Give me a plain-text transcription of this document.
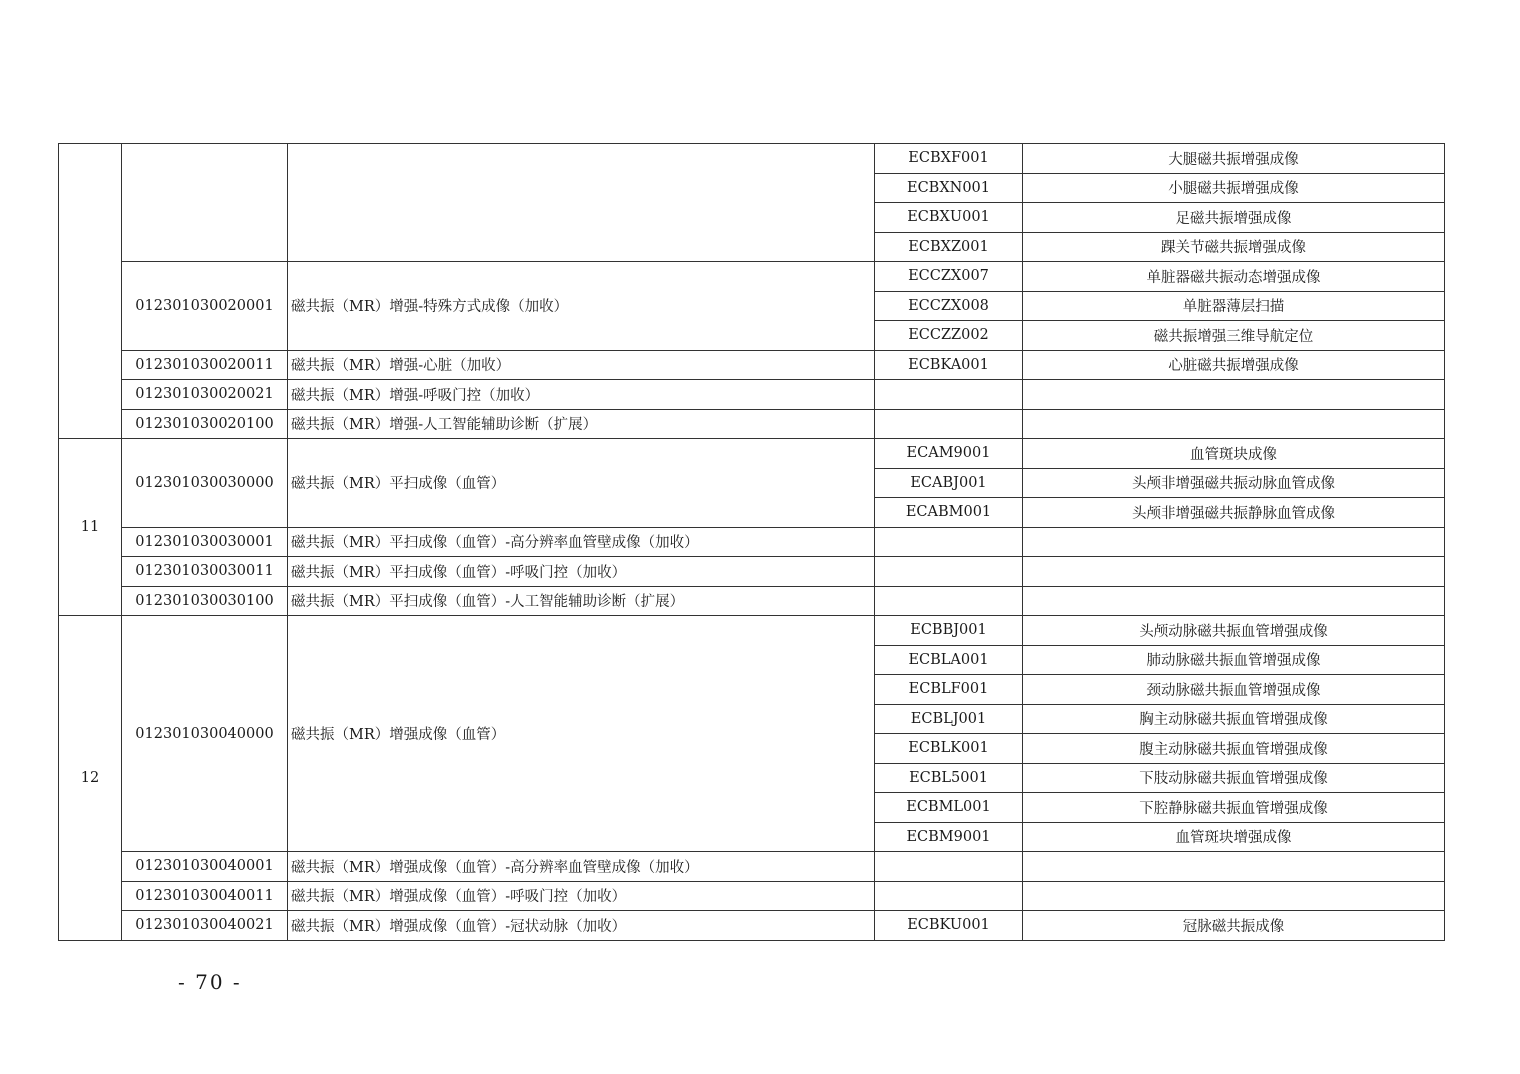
			ECBXF001	大腿磁共振增强成像
			ECBXN001	小腿磁共振增强成像
			ECBXU001	足磁共振增强成像
			ECBXZ001	踝关节磁共振增强成像
	012301030020001	磁共振（MR）增强-特殊方式成像（加收）	ECCZX007	单脏器磁共振动态增强成像
			ECCZX008	单脏器薄层扫描
			ECCZZ002	磁共振增强三维导航定位
	012301030020011	磁共振（MR）增强-心脏（加收）	ECBKA001	心脏磁共振增强成像
	012301030020021	磁共振（MR）增强-呼吸门控（加收）		
	012301030020100	磁共振（MR）增强-人工智能辅助诊断（扩展）		
11	012301030030000	磁共振（MR）平扫成像（血管）	ECAM9001	血管斑块成像
			ECABJ001	头颅非增强磁共振动脉血管成像
			ECABM001	头颅非增强磁共振静脉血管成像
	012301030030001	磁共振（MR）平扫成像（血管）-高分辨率血管壁成像（加收）		
	012301030030011	磁共振（MR）平扫成像（血管）-呼吸门控（加收）		
	012301030030100	磁共振（MR）平扫成像（血管）-人工智能辅助诊断（扩展）		
12	012301030040000	磁共振（MR）增强成像（血管）	ECBBJ001	头颅动脉磁共振血管增强成像
			ECBLA001	肺动脉磁共振血管增强成像
			ECBLF001	颈动脉磁共振血管增强成像
			ECBLJ001	胸主动脉磁共振血管增强成像
			ECBLK001	腹主动脉磁共振血管增强成像
			ECBL5001	下肢动脉磁共振血管增强成像
			ECBML001	下腔静脉磁共振血管增强成像
			ECBM9001	血管斑块增强成像
	012301030040001	磁共振（MR）增强成像（血管）-高分辨率血管壁成像（加收）		
	012301030040011	磁共振（MR）增强成像（血管）-呼吸门控（加收）		
	012301030040021	磁共振（MR）增强成像（血管）-冠状动脉（加收）	ECBKU001	冠脉磁共振成像
- 70 -
